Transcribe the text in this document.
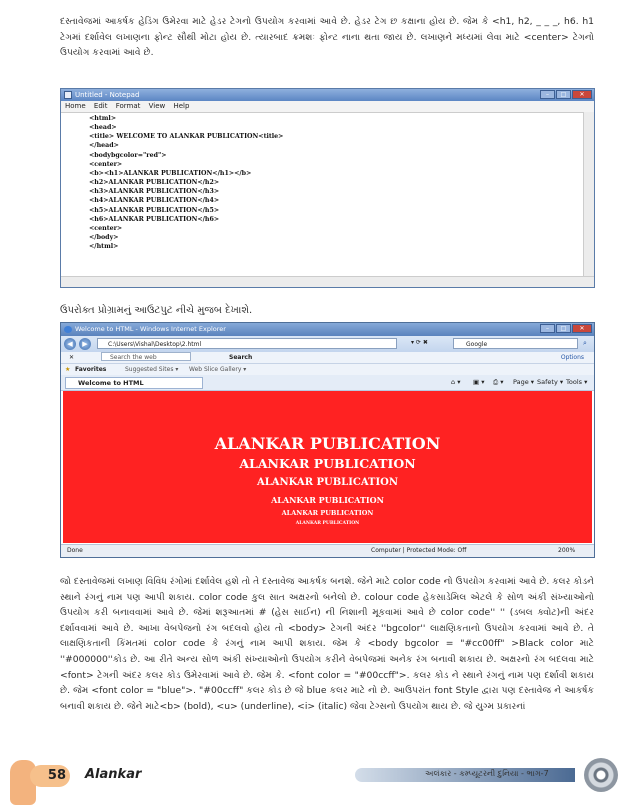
દસ્તાવેજમાં આકર્ષક હેડિંગ ઉમેરવા માટે હેડર ટેગનો ઉપયોગ કરવામાં આવે છે. હેડર ટેગ છ કક્ષાના હોય છે. જેમ કે <h1, h2, _ _ _, h6. h1 ટેગમાં દર્શાવેલ લખાણના ફોન્ટ સૌથી મોટા હોય છે. ત્યારબાદ ક્રમશઃ ફોન્ટ નાના થતા જાય છે. લખાણને મધ્યમાં લેવા માટે <center> ટેગનો ઉપયોગ કરવામાં આવે છે.

Untitled - Notepad	–	□	✕
Home Edit Format View Help
<html>
<head>
<title> WELCOME TO ALANKAR PUBLICATION<title>
</head>
<bodybgcolor="red">
<center>
<b><h1>ALANKAR PUBLICATION</h1></b>
<h2>ALANKAR PUBLICATION</h2>
<h3>ALANKAR PUBLICATION</h3>
<h4>ALANKAR PUBLICATION</h4>
<h5>ALANKAR PUBLICATION</h5>
<h6>ALANKAR PUBLICATION</h6>
<center>
</body>
</html>

ઉપરોક્ત પ્રોગ્રામનું આઉટપુટ નીચે મુજબ દેખાશે.

Welcome to HTML - Windows Internet Explorer	–	□	✕
◀	▶	C:\Users\Vishal\Desktop\2.html	▾ ⟳ ✖	Google	⌕
✕	Search the web	Search	Options
★ Favorites	Suggested Sites ▾ Web Slice Gallery ▾
Welcome to HTML	⌂ ▾ ▣ ▾ ⎙ ▾ Page ▾ Safety ▾ Tools ▾
ALANKAR PUBLICATION
ALANKAR PUBLICATION
ALANKAR PUBLICATION
ALANKAR PUBLICATION
ALANKAR PUBLICATION
ALANKAR PUBLICATION
Done	Computer | Protected Mode: Off	200%

જો દસ્તાવેજમાં લખાણ વિવિધ રંગોમાં દર્શાવેલ હશે તો તે દસ્તાવેજ આકર્ષક બનશે. જેને માટે color code નો ઉપયોગ કરવામાં આવે છે. કલર કોડને સ્થાને રંગનું નામ પણ આપી શકાય. color code કુલ સાત અક્ષરનો બનેલો છે. colour code હેકસાડેમિલ એટલે કે સોળ અંકી સંખ્યાઓનો ઉપયોગ કરી બનાવવામાં આવે છે. જેમાં શરૂઆતમાં # (હેસ સાઈન) ની નિશાની મૂકવામાં આવે છે color code'' '' (ડબલ ક્વોટ)ની અંદર દર્શાવવામાં આવે છે. આખા વેબપેજનો રંગ બદલવો હોય તો <body> ટેગની અંદર ''bgcolor'' લાક્ષણિકતાનો ઉપયોગ કરવામાં આવે છે. તે લાક્ષણિકતાની કિંમતમાં color code કે રંગનું નામ આપી શકાય. જેમ કે <body bgcolor = "#cc00ff" >Black color માટે ''#000000''કોડ છે. આ રીતે અન્ય સોળ અંકી સંખ્યાઓનો ઉપયોગ કરીને વેબપેજમાં અનેક રંગ બનાવી શકાય છે. અક્ષરનો રંગ બદલવા માટે <font> ટેગની અંદર કલર કોડ ઉમેરવામાં આવે છે. જેમ કે. <font color = "#00ccff">. કલર કોડ ને સ્થાને રંગનું નામ પણ દર્શાવી શકાય છે. જેમ <font color = "blue">. "#00ccff" કલર કોડ છે જે blue કલર માટે નો છે. આઉપરાંત font Style દ્વારા પણ દસ્તાવેજ ને આકર્ષક બનાવી શકાય છે. જેને માટે<b> (bold), <u> (underline), <i> (italic) જેવા ટેગ્સનો ઉપયોગ થાય છે. જે યુગ્મ પ્રકારનાં

58	Alankar	અલંકાર - કમ્પ્યૂટરની દુનિયા - ભાગ-7
